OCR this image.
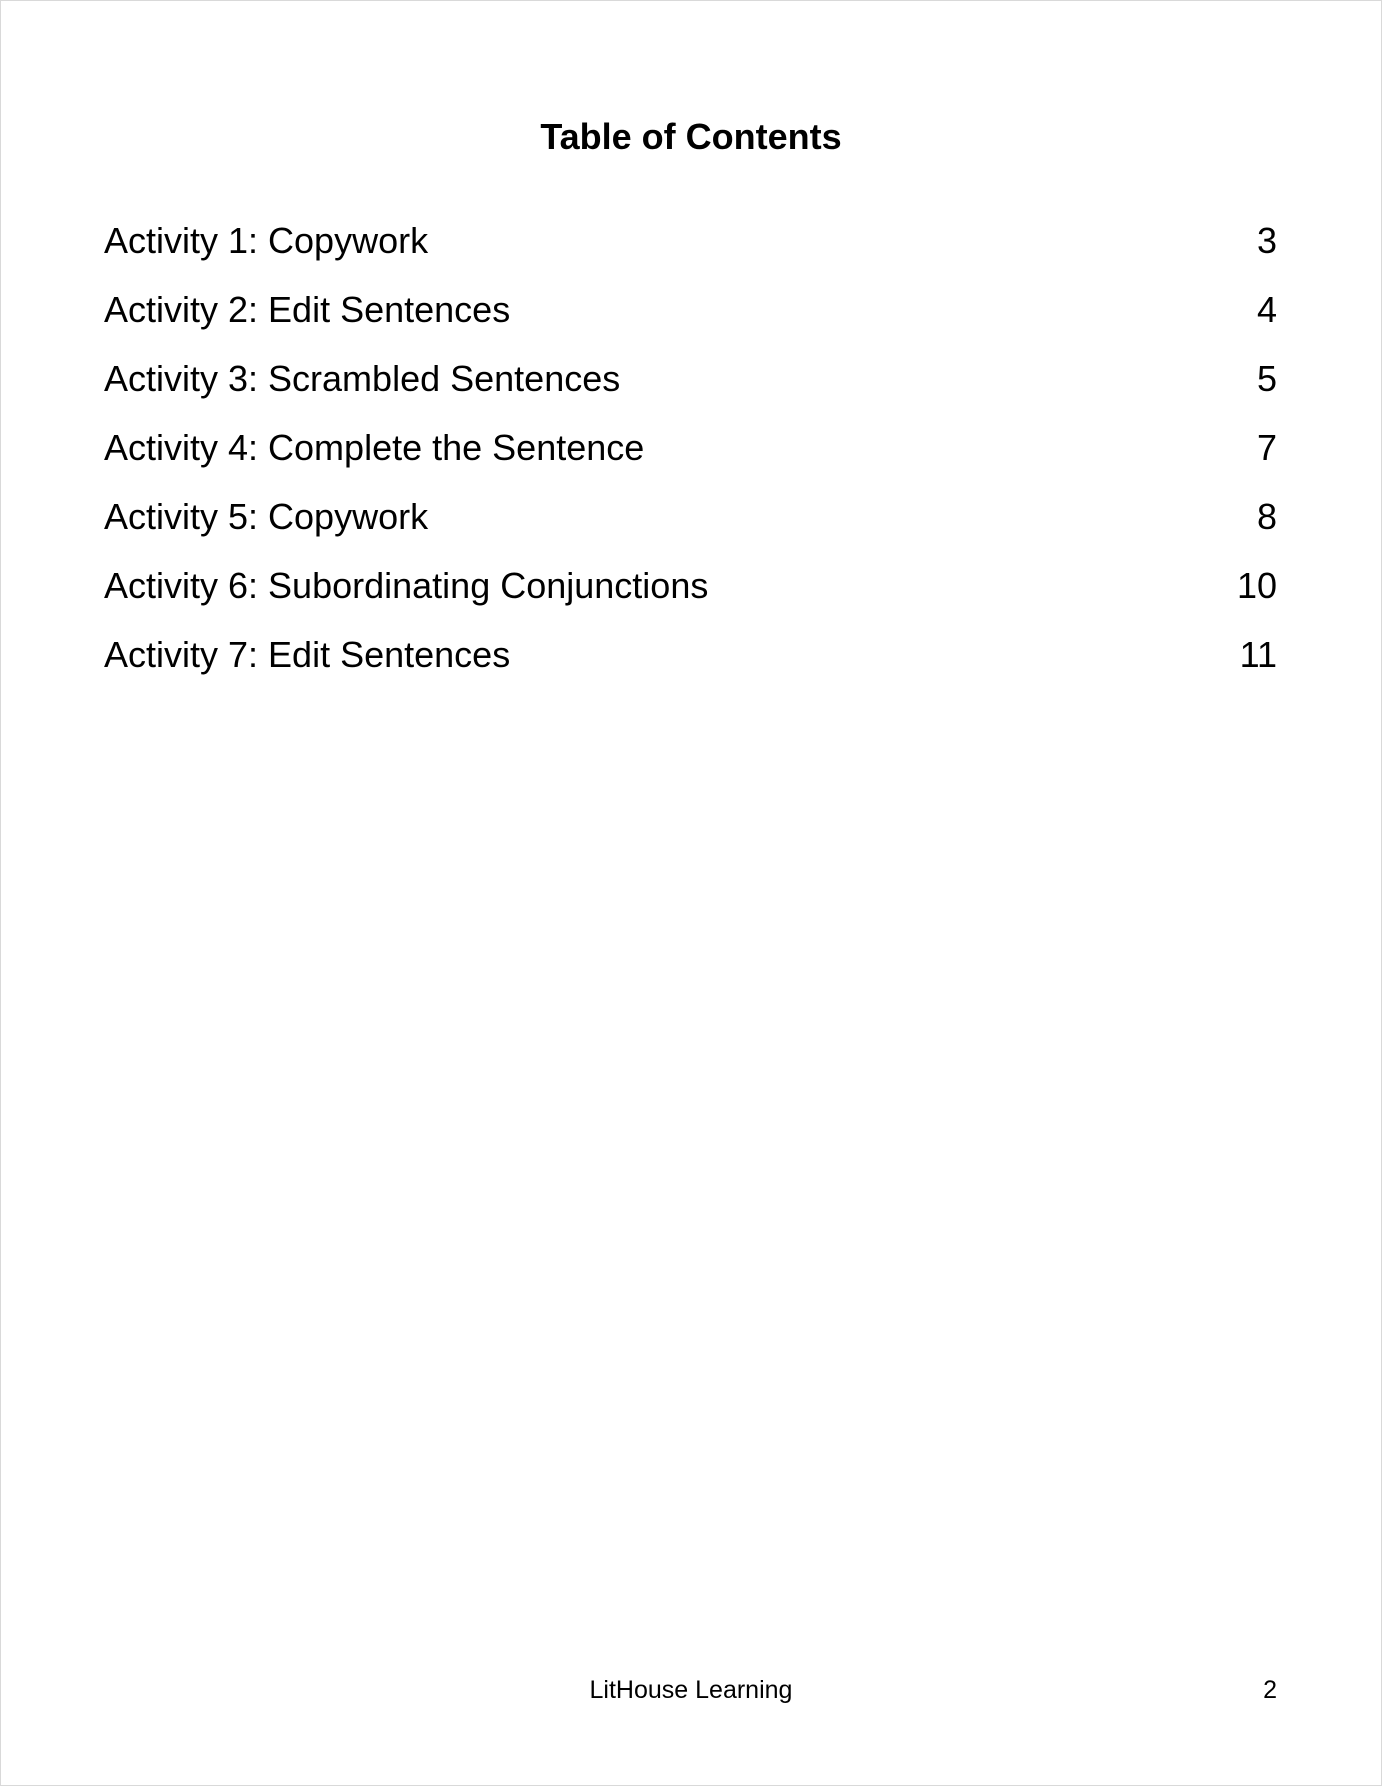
Table of Contents
Activity 1: Copywork	3
Activity 2: Edit Sentences	4
Activity 3: Scrambled Sentences	5
Activity 4: Complete the Sentence	7
Activity 5: Copywork	8
Activity 6: Subordinating Conjunctions	10
Activity 7: Edit Sentences	11
LitHouse Learning	2
